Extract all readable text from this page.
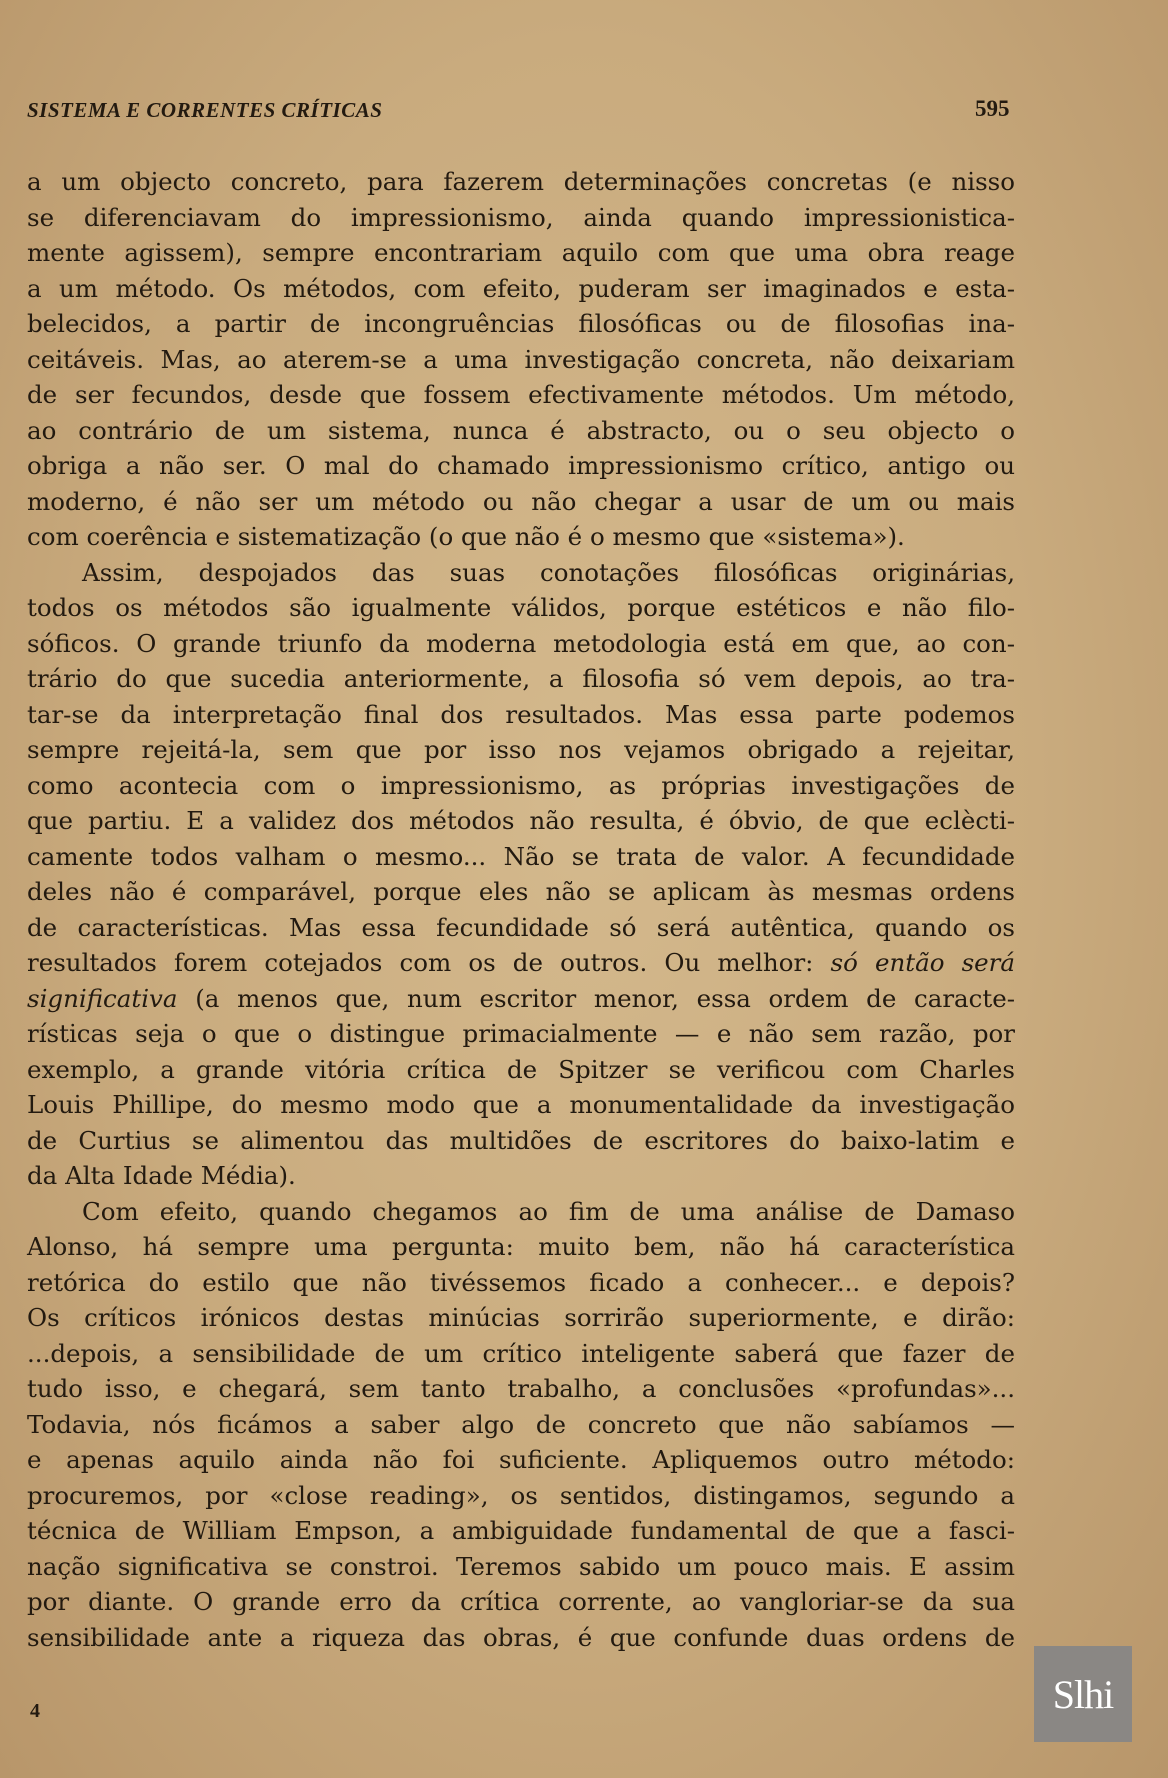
SISTEMA E CORRENTES CRÍTICAS	595
a um objecto concreto, para fazerem determinações concretas (e nisso
se diferenciavam do impressionismo, ainda quando impressionistica-
mente agissem), sempre encontrariam aquilo com que uma obra reage
a um método. Os métodos, com efeito, puderam ser imaginados e esta-
belecidos, a partir de incongruências filosóficas ou de filosofias ina-
ceitáveis. Mas, ao aterem-se a uma investigação concreta, não deixariam
de ser fecundos, desde que fossem efectivamente métodos. Um método,
ao contrário de um sistema, nunca é abstracto, ou o seu objecto o
obriga a não ser. O mal do chamado impressionismo crítico, antigo ou
moderno, é não ser um método ou não chegar a usar de um ou mais
com coerência e sistematização (o que não é o mesmo que «sistema»).
Assim, despojados das suas conotações filosóficas originárias,
todos os métodos são igualmente válidos, porque estéticos e não filo-
sóficos. O grande triunfo da moderna metodologia está em que, ao con-
trário do que sucedia anteriormente, a filosofia só vem depois, ao tra-
tar-se da interpretação final dos resultados. Mas essa parte podemos
sempre rejeitá-la, sem que por isso nos vejamos obrigado a rejeitar,
como acontecia com o impressionismo, as próprias investigações de
que partiu. E a validez dos métodos não resulta, é óbvio, de que eclècti-
camente todos valham o mesmo... Não se trata de valor. A fecundidade
deles não é comparável, porque eles não se aplicam às mesmas ordens
de características. Mas essa fecundidade só será autêntica, quando os
resultados forem cotejados com os de outros. Ou melhor: só então será
significativa (a menos que, num escritor menor, essa ordem de caracte-
rísticas seja o que o distingue primacialmente — e não sem razão, por
exemplo, a grande vitória crítica de Spitzer se verificou com Charles
Louis Phillipe, do mesmo modo que a monumentalidade da investigação
de Curtius se alimentou das multidões de escritores do baixo-latim e
da Alta Idade Média).
Com efeito, quando chegamos ao fim de uma análise de Damaso
Alonso, há sempre uma pergunta: muito bem, não há característica
retórica do estilo que não tivéssemos ficado a conhecer... e depois?
Os críticos irónicos destas minúcias sorrirão superiormente, e dirão:
...depois, a sensibilidade de um crítico inteligente saberá que fazer de
tudo isso, e chegará, sem tanto trabalho, a conclusões «profundas»...
Todavia, nós ficámos a saber algo de concreto que não sabíamos —
e apenas aquilo ainda não foi suficiente. Apliquemos outro método:
procuremos, por «close reading», os sentidos, distingamos, segundo a
técnica de William Empson, a ambiguidade fundamental de que a fasci-
nação significativa se constroi. Teremos sabido um pouco mais. E assim
por diante. O grande erro da crítica corrente, ao vangloriar-se da sua
sensibilidade ante a riqueza das obras, é que confunde duas ordens de
4	Slhi
